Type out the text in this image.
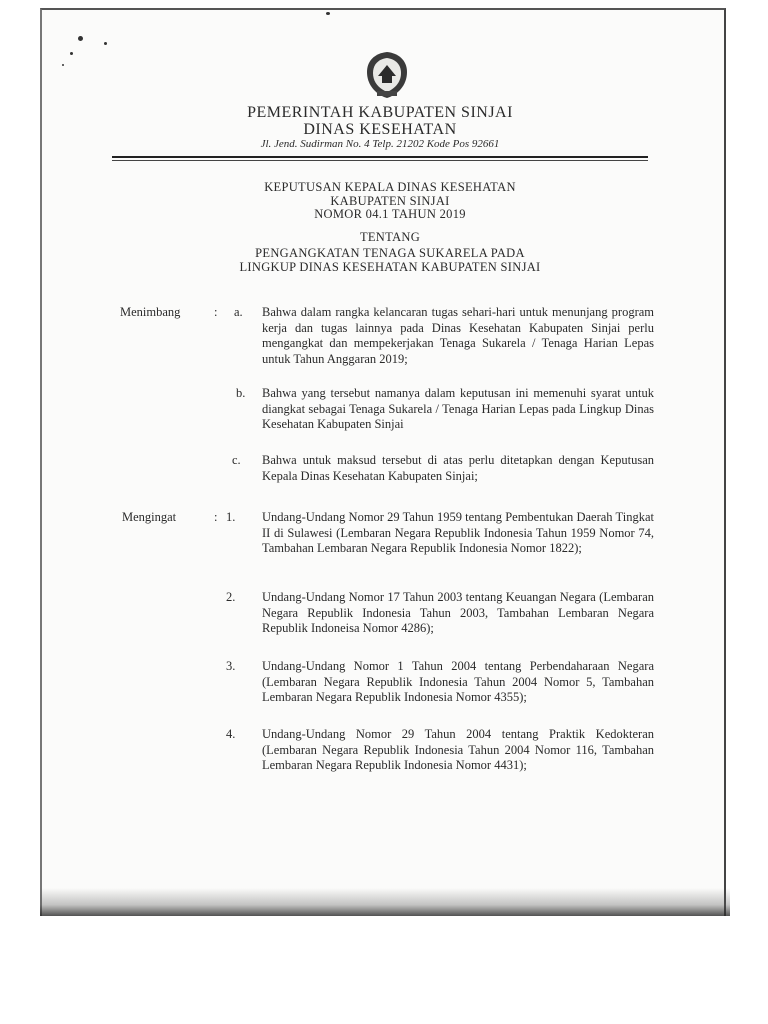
PEMERINTAH KABUPATEN SINJAI
DINAS KESEHATAN
Jl. Jend. Sudirman No. 4 Telp. 21202 Kode Pos 92661
KEPUTUSAN KEPALA DINAS KESEHATAN
KABUPATEN SINJAI
NOMOR 04.1 TAHUN 2019
TENTANG
PENGANGKATAN TENAGA SUKARELA PADA
LINGKUP DINAS KESEHATAN KABUPATEN SINJAI
Menimbang	: a. Bahwa dalam rangka kelancaran tugas sehari-hari untuk menunjang program kerja dan tugas lainnya pada Dinas Kesehatan Kabupaten Sinjai perlu mengangkat dan mempekerjakan Tenaga Sukarela / Tenaga Harian Lepas untuk Tahun Anggaran 2019;
b. Bahwa yang tersebut namanya dalam keputusan ini memenuhi syarat untuk diangkat sebagai Tenaga Sukarela / Tenaga Harian Lepas pada Lingkup Dinas Kesehatan Kabupaten Sinjai
c. Bahwa untuk maksud tersebut di atas perlu ditetapkan dengan Keputusan Kepala Dinas Kesehatan Kabupaten Sinjai;
Mengingat	: 1. Undang-Undang Nomor 29 Tahun 1959 tentang Pembentukan Daerah Tingkat II di Sulawesi (Lembaran Negara Republik Indonesia Tahun 1959 Nomor 74, Tambahan Lembaran Negara Republik Indonesia Nomor 1822);
2. Undang-Undang Nomor 17 Tahun 2003 tentang Keuangan Negara (Lembaran Negara Republik Indonesia Tahun 2003, Tambahan Lembaran Negara Republik Indoneisa Nomor 4286);
3. Undang-Undang Nomor 1 Tahun 2004 tentang Perbendaharaan Negara (Lembaran Negara Republik Indonesia Tahun 2004 Nomor 5, Tambahan Lembaran Negara Republik Indonesia Nomor 4355);
4. Undang-Undang Nomor 29 Tahun 2004 tentang Praktik Kedokteran (Lembaran Negara Republik Indonesia Tahun 2004 Nomor 116, Tambahan Lembaran Negara Republik Indonesia Nomor 4431);
